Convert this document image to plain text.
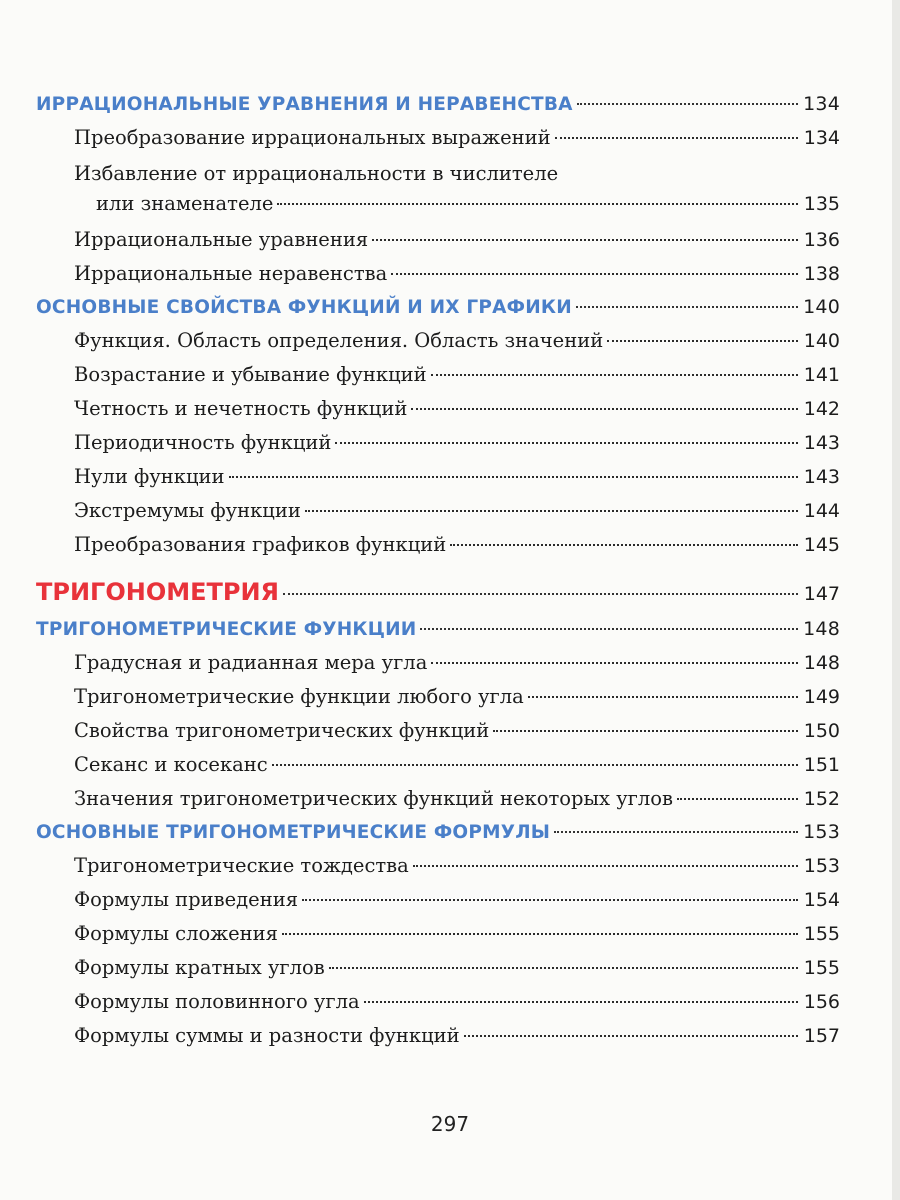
ИРРАЦИОНАЛЬНЫЕ УРАВНЕНИЯ И НЕРАВЕНСТВА	134
Преобразование иррациональных выражений	134
Избавление от иррациональности в числителе
или знаменателе	135
Иррациональные уравнения	136
Иррациональные неравенства	138
ОСНОВНЫЕ СВОЙСТВА ФУНКЦИЙ И ИХ ГРАФИКИ	140
Функция. Область определения. Область значений	140
Возрастание и убывание функций	141
Четность и нечетность функций	142
Периодичность функций	143
Нули функции	143
Экстремумы функции	144
Преобразования графиков функций	145
ТРИГОНОМЕТРИЯ	147
ТРИГОНОМЕТРИЧЕСКИЕ ФУНКЦИИ	148
Градусная и радианная мера угла	148
Тригонометрические функции любого угла	149
Свойства тригонометрических функций	150
Секанс и косеканс	151
Значения тригонометрических функций некоторых углов	152
ОСНОВНЫЕ ТРИГОНОМЕТРИЧЕСКИЕ ФОРМУЛЫ	153
Тригонометрические тождества	153
Формулы приведения	154
Формулы сложения	155
Формулы кратных углов	155
Формулы половинного угла	156
Формулы суммы и разности функций	157
297
